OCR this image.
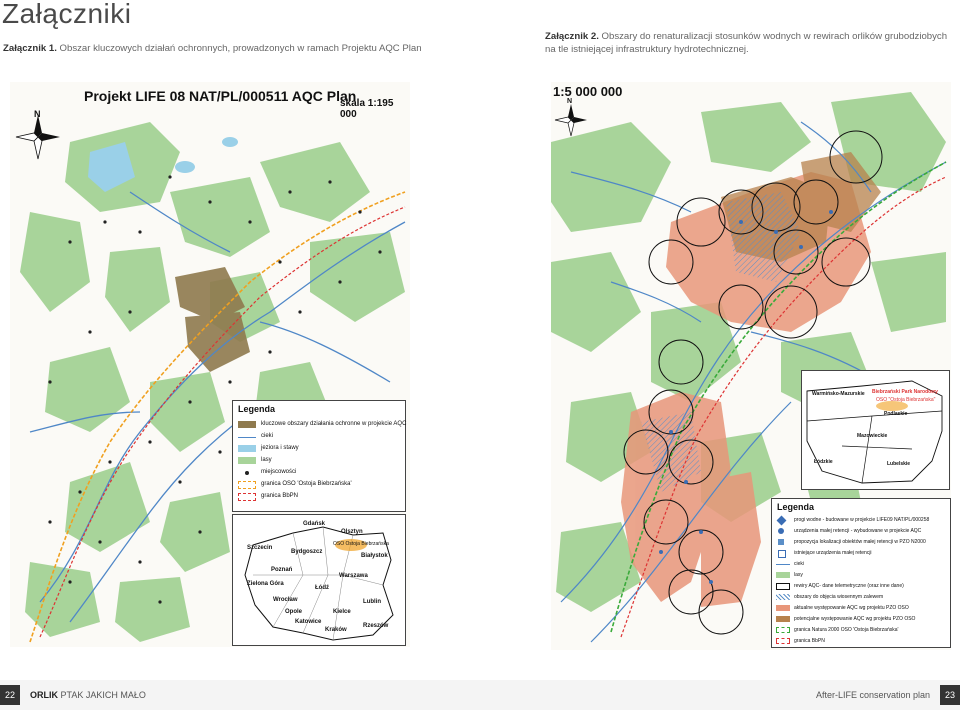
Załączniki
Załącznik 1. Obszar kluczowych działań ochronnych, prowadzonych w ramach Projektu AQC Plan
Załącznik 2. Obszary do renaturalizacji stosunków wodnych w rewirach orlików grubodziobych na tle istniejącej infrastruktury hydrotechnicznej.
Projekt LIFE 08 NAT/PL/000511 AQC Plan
skala 1:195 000
N
Legenda
kluczowe obszary działania ochronne w projekcie AQC
cieki
jeziora i stawy
lasy
miejscowości
granica OSO 'Ostoja Biebrzańska'
granica BbPN
Gdańsk
Olsztyn
Szczecin
Bydgoszcz
Białystok
OSO Ostoja Biebrzańska
Poznań
Warszawa
Zielona Góra
Łódź
Wrocław	Lublin
Opole	Kielce
Katowice
Kraków
Rzeszów
1:5 000 000
N
Warmińsko-Mazurskie Biebrzański Park Narodowy
OSO "Ostoja Biebrzańska"
Podlaskie
Mazowieckie
Łódzkie	Lubelskie
Legenda
progi wodne - budowane w projekcie LIFE09 NAT/PL/000258
urządzenia małej retencji - wybudowane w projekcie AQC
propozycja lokalizacji obiektów małej retencji w PZO N2000
istniejące urządzenia małej retencji
cieki
lasy
rewiry AQC- dane telemetryczne (oraz inne dane)
obszary do objęcia wiosennym zalewem
aktualne występowanie AQC wg projektu PZO OSO
potencjalne występowanie AQC wg projektu PZO OSO
granica Natura 2000 OSO 'Ostoja Biebrzańska'
granica BbPN
22	ORLIK PTAK JAKICH MAŁO	After-LIFE conservation plan	23
